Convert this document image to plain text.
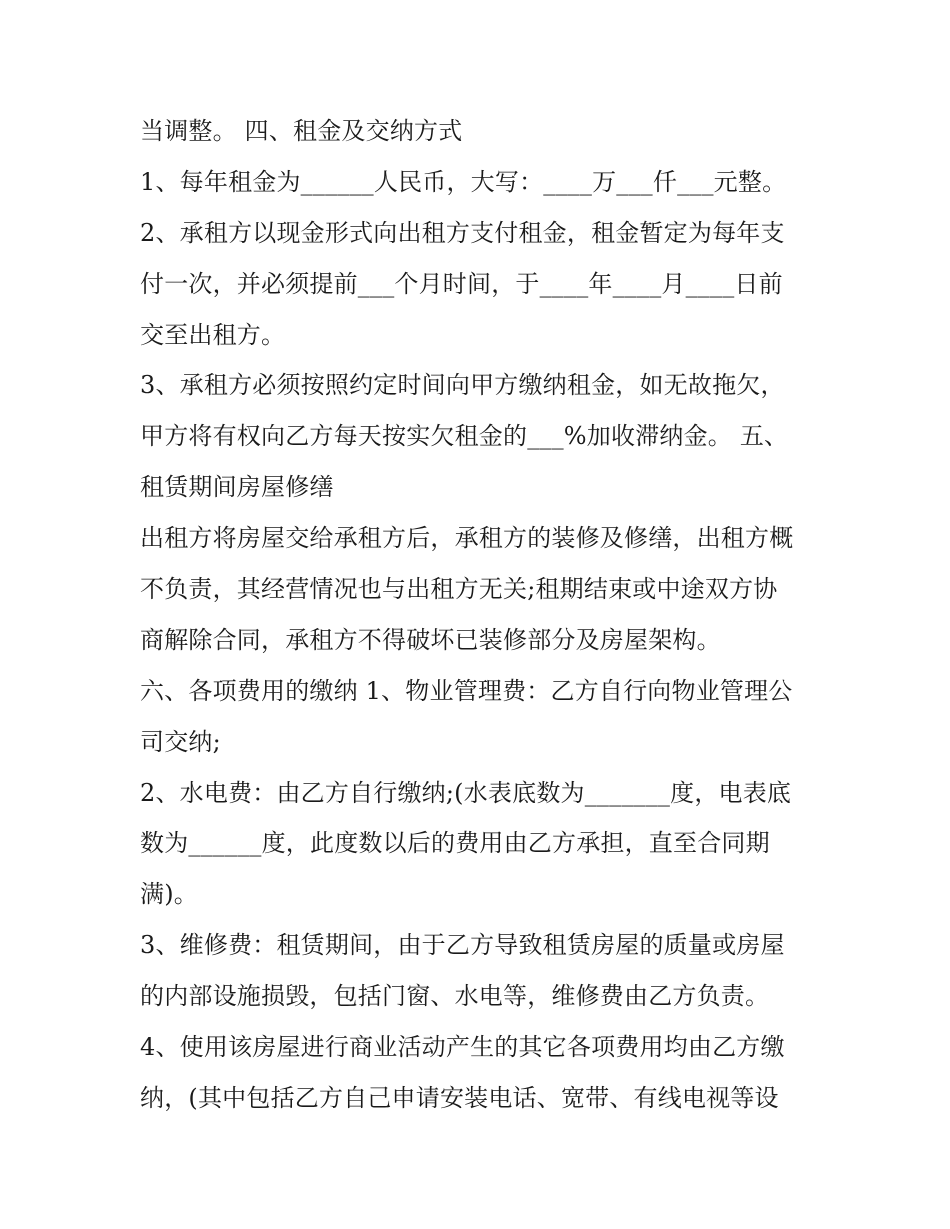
当调整。 四、租金及交纳方式
1、每年租金为______人民币，大写：____万___仟___元整。
2、承租方以现金形式向出租方支付租金，租金暂定为每年支
付一次，并必须提前___个月时间，于____年____月____日前
交至出租方。
3、承租方必须按照约定时间向甲方缴纳租金，如无故拖欠，
甲方将有权向乙方每天按实欠租金的___%加收滞纳金。 五、
租赁期间房屋修缮
出租方将房屋交给承租方后，承租方的装修及修缮，出租方概
不负责，其经营情况也与出租方无关;租期结束或中途双方协
商解除合同，承租方不得破坏已装修部分及房屋架构。
六、各项费用的缴纳 1、物业管理费：乙方自行向物业管理公
司交纳;
2、水电费：由乙方自行缴纳;(水表底数为_______度，电表底
数为______度，此度数以后的费用由乙方承担，直至合同期
满)。
3、维修费：租赁期间，由于乙方导致租赁房屋的质量或房屋
的内部设施损毁，包括门窗、水电等，维修费由乙方负责。
4、使用该房屋进行商业活动产生的其它各项费用均由乙方缴
纳，(其中包括乙方自己申请安装电话、宽带、有线电视等设
